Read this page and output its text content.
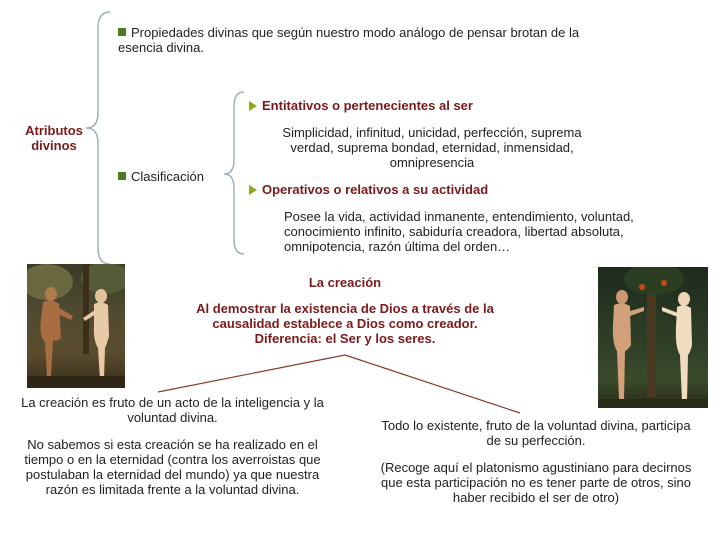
Propiedades divinas que según nuestro modo análogo de pensar brotan de la esencia divina.
Atributos divinos
Clasificación
Entitativos o pertenecientes al ser
Simplicidad, infinitud, unicidad, perfección, suprema verdad, suprema bondad, eternidad, inmensidad, omnipresencia
Operativos o relativos a su actividad
Posee la vida, actividad inmanente, entendimiento, voluntad, conocimiento infinito, sabiduría creadora, libertad absoluta, omnipotencia, razón última del orden…
La creación
Al demostrar la existencia de Dios a través de la causalidad establece a Dios como creador. Diferencia: el Ser y los seres.
La creación es fruto de un acto de la inteligencia y la voluntad divina.
No sabemos si esta creación se ha realizado en el tiempo o en la eternidad (contra los averroistas que postulaban la eternidad del mundo) ya que nuestra razón es limitada frente a la voluntad divina.
Todo lo existente, fruto de la voluntad divina, participa de su perfección.
(Recoge aquí el platonismo agustiniano para decirnos que esta participación no es tener parte de otros, sino haber recibido el ser de otro)
